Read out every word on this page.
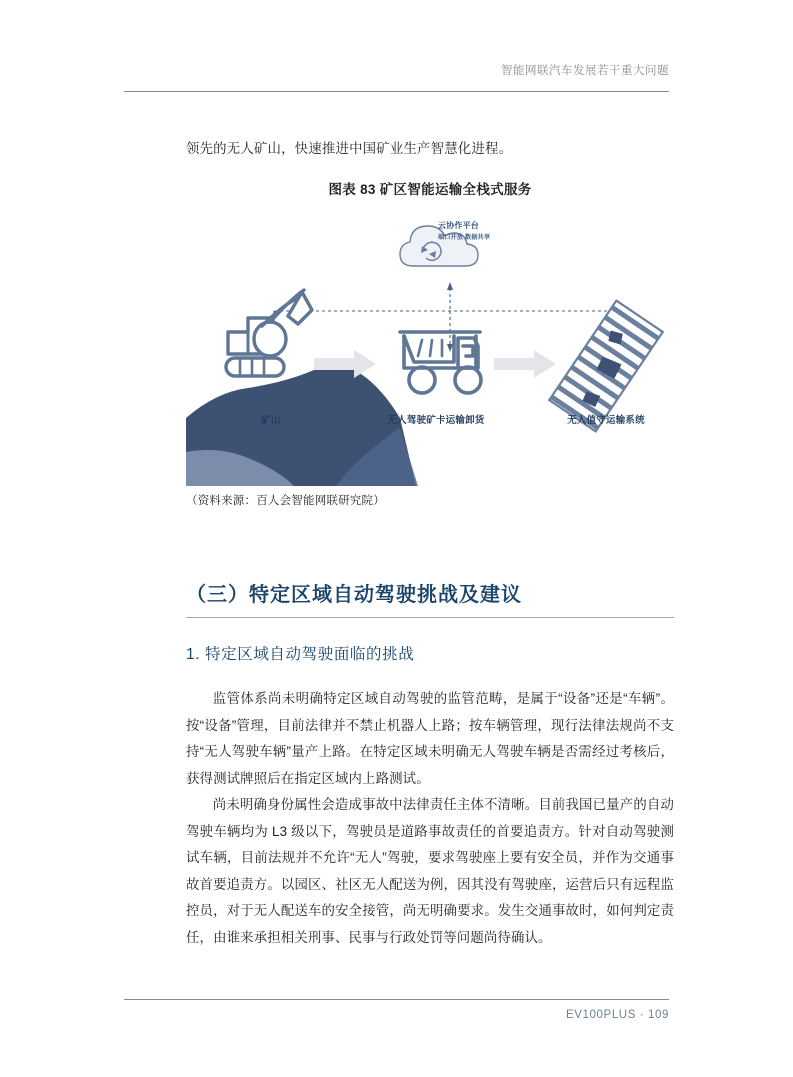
智能网联汽车发展若干重大问题
领先的无人矿山，快速推进中国矿业生产智慧化进程。
图表 83 矿区智能运输全栈式服务
云协作平台
端口开放 数据共享
矿山	无人驾驶矿卡运输卸货	无人值守运输系统
（资料来源：百人会智能网联研究院）
（三）特定区域自动驾驶挑战及建议
1. 特定区域自动驾驶面临的挑战

监管体系尚未明确特定区域自动驾驶的监管范畴，是属于“设备”还是“车辆”。按“设备”管理，目前法律并不禁止机器人上路；按车辆管理，现行法律法规尚不支持“无人驾驶车辆”量产上路。在特定区域未明确无人驾驶车辆是否需经过考核后，获得测试牌照后在指定区域内上路测试。

尚未明确身份属性会造成事故中法律责任主体不清晰。目前我国已量产的自动驾驶车辆均为 L3 级以下，驾驶员是道路事故责任的首要追责方。针对自动驾驶测试车辆，目前法规并不允许“无人”驾驶，要求驾驶座上要有安全员，并作为交通事故首要追责方。以园区、社区无人配送为例，因其没有驾驶座，运营后只有远程监控员，对于无人配送车的安全接管，尚无明确要求。发生交通事故时，如何判定责任，由谁来承担相关刑事、民事与行政处罚等问题尚待确认。

EV100PLUS · 109
